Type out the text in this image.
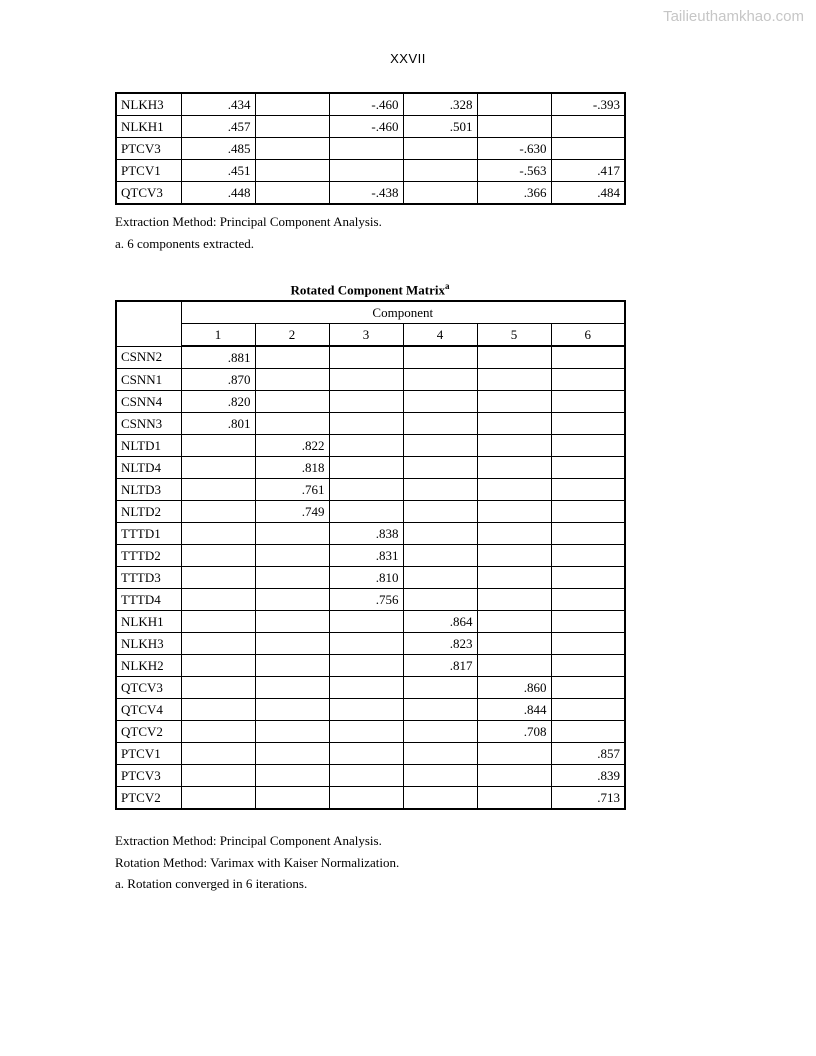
Tailieuthamkhao.com
XXVII
NLKH3	.434		-.460	.328		-.393
NLKH1	.457		-.460	.501		
PTCV3	.485				-.630	
PTCV1	.451				-.563	.417
QTCV3	.448		-.438		.366	.484
Extraction Method: Principal Component Analysis.
a. 6 components extracted.
Rotated Component Matrix$^a$
	Component					
	1	2	3	4	5	6
CSNN2	.881					
CSNN1	.870					
CSNN4	.820					
CSNN3	.801					
NLTD1		.822				
NLTD4		.818				
NLTD3		.761				
NLTD2		.749				
TTTD1			.838			
TTTD2			.831			
TTTD3			.810			
TTTD4			.756			
NLKH1				.864		
NLKH3				.823		
NLKH2				.817		
QTCV3					.860	
QTCV4					.844	
QTCV2					.708	
PTCV1						.857
PTCV3						.839
PTCV2						.713
Extraction Method: Principal Component Analysis.
Rotation Method: Varimax with Kaiser Normalization.
a. Rotation converged in 6 iterations.
